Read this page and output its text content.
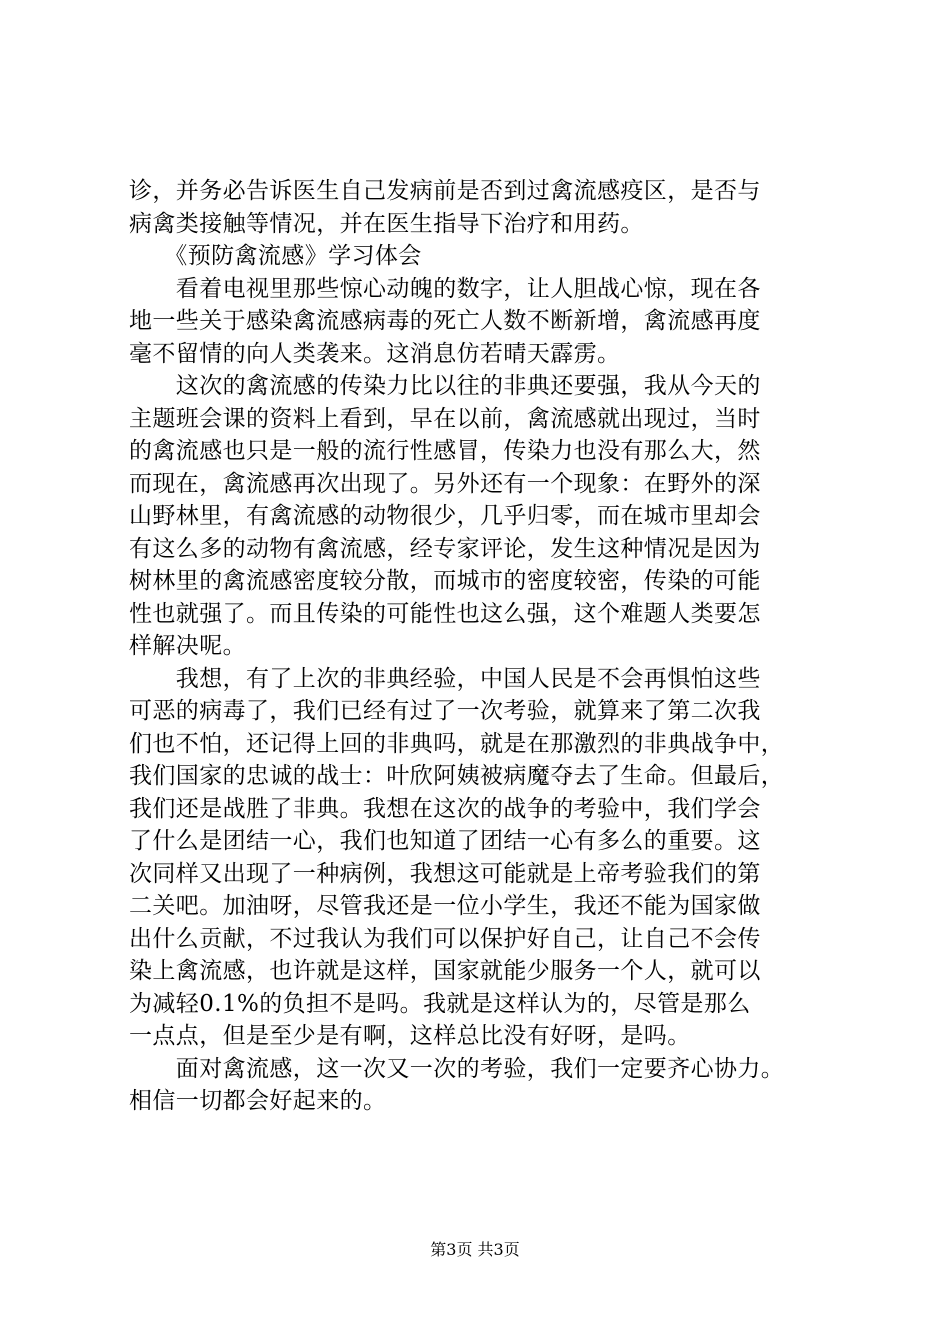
诊，并务必告诉医生自己发病前是否到过禽流感疫区，是否与
病禽类接触等情况，并在医生指导下治疗和用药。
　　《预防禽流感》学习体会
　　看着电视里那些惊心动魄的数字，让人胆战心惊，现在各
地一些关于感染禽流感病毒的死亡人数不断新增，禽流感再度
毫不留情的向人类袭来。这消息仿若晴天霹雳。
　　这次的禽流感的传染力比以往的非典还要强，我从今天的
主题班会课的资料上看到，早在以前，禽流感就出现过，当时
的禽流感也只是一般的流行性感冒，传染力也没有那么大，然
而现在，禽流感再次出现了。另外还有一个现象：在野外的深
山野林里，有禽流感的动物很少，几乎归零，而在城市里却会
有这么多的动物有禽流感，经专家评论，发生这种情况是因为
树林里的禽流感密度较分散，而城市的密度较密，传染的可能
性也就强了。而且传染的可能性也这么强，这个难题人类要怎
样解决呢。
　　我想，有了上次的非典经验，中国人民是不会再惧怕这些
可恶的病毒了，我们已经有过了一次考验，就算来了第二次我
们也不怕，还记得上回的非典吗，就是在那激烈的非典战争中，
我们国家的忠诚的战士：叶欣阿姨被病魔夺去了生命。但最后，
我们还是战胜了非典。我想在这次的战争的考验中，我们学会
了什么是团结一心，我们也知道了团结一心有多么的重要。这
次同样又出现了一种病例，我想这可能就是上帝考验我们的第
二关吧。加油呀，尽管我还是一位小学生，我还不能为国家做
出什么贡献，不过我认为我们可以保护好自己，让自己不会传
染上禽流感，也许就是这样，国家就能少服务一个人，就可以
为减轻0.1%的负担不是吗。我就是这样认为的，尽管是那么
一点点，但是至少是有啊，这样总比没有好呀，是吗。
　　面对禽流感，这一次又一次的考验，我们一定要齐心协力。
相信一切都会好起来的。
第3页 共3页
